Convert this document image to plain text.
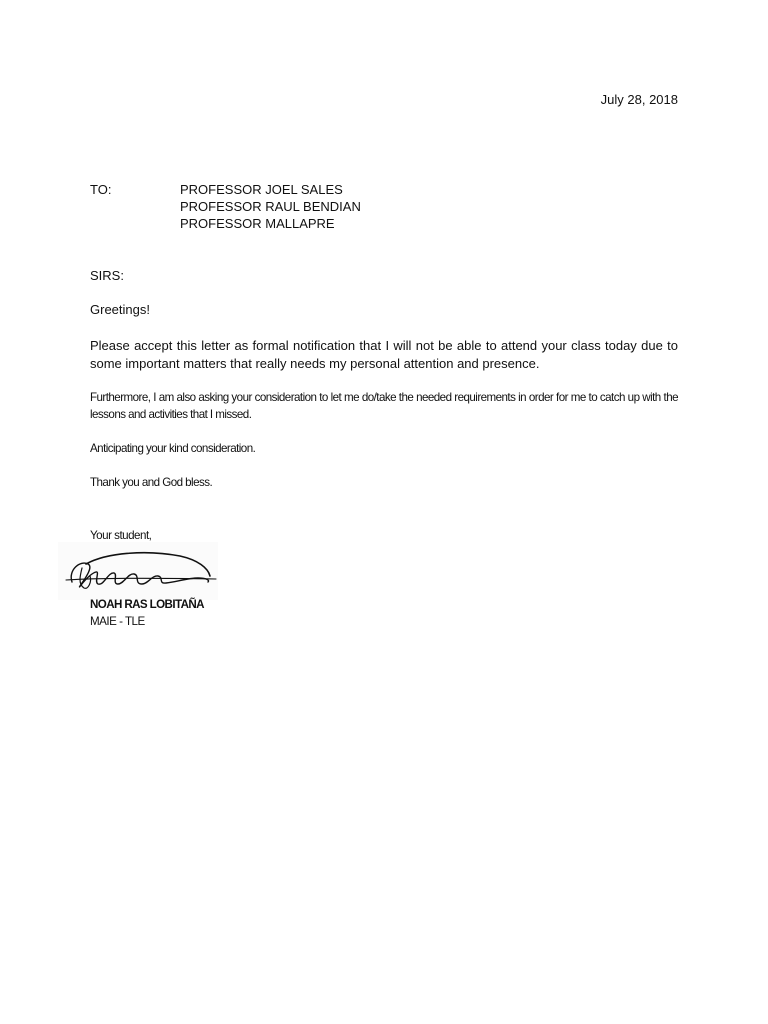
July 28, 2018
TO:	PROFESSOR JOEL SALES
PROFESSOR RAUL BENDIAN
PROFESSOR MALLAPRE
SIRS:
Greetings!
Please accept this letter as formal notification that I will not be able to attend your class today due to some important matters that really needs my personal attention and presence.
Furthermore, I am also asking your consideration to let me do/take the needed requirements in order for me to catch up with the lessons and activities that I missed.
Anticipating your kind consideration.
Thank you and God bless.
Your student,
NOAH RAS LOBITAÑA
MAIE - TLE
